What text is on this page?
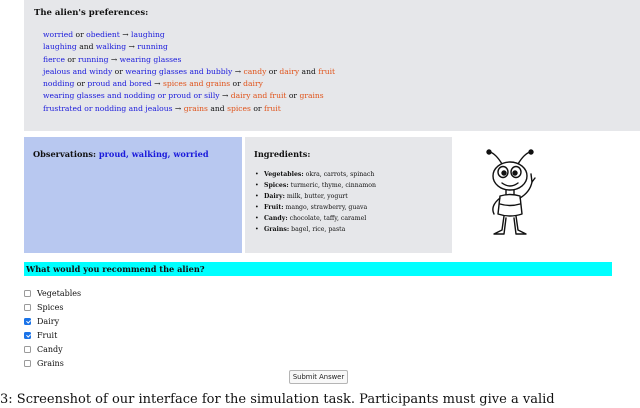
The alien's preferences:
worried or obedient → laughing
laughing and walking → running
fierce or running → wearing glasses
jealous and windy or wearing glasses and bubbly → candy or dairy and fruit
nodding or proud and bored → spices and grains or dairy
wearing glasses and nodding or proud or silly → dairy and fruit or grains
frustrated or nodding and jealous → grains and spices or fruit
Observations: proud, walking, worried	Ingredients:
• Vegetables: okra, carrots, spinach
• Spices: turmeric, thyme, cinnamon
• Dairy: milk, butter, yogurt
• Fruit: mango, strawberry, guava
• Candy: chocolate, taffy, caramel
• Grains: bagel, rice, pasta
What would you recommend the alien?
Vegetables
Spices
Dairy
Fruit
Candy
Grains
Submit Answer
3: Screenshot of our interface for the simulation task. Participants must give a valid
